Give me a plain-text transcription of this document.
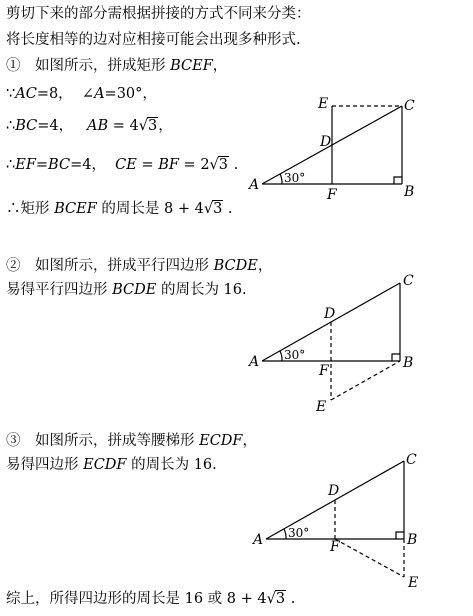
剪切下来的部分需根据拼接的方式不同来分类：
将长度相等的边对应相接可能会出现多种形式.
①　如图所示，拼成矩形 BCEF，
∵AC=8， ∠A=30°，
∴BC=4， AB = 4√3，
∴EF=BC=4， CE = BF = 2√3 .
∴矩形 BCEF 的周长是 8 + 4√3 .
②　如图所示，拼成平行四边形 BCDE，
易得平行四边形 BCDE 的周长为 16.
③　如图所示，拼成等腰梯形 ECDF，
易得四边形 ECDF 的周长为 16.
综上，所得四边形的周长是 16 或 8 + 4√3 .
A	B
C
D
E
F
30°
A	B
C
D
E
F
30°
A	B
C
D
E
F
30°
